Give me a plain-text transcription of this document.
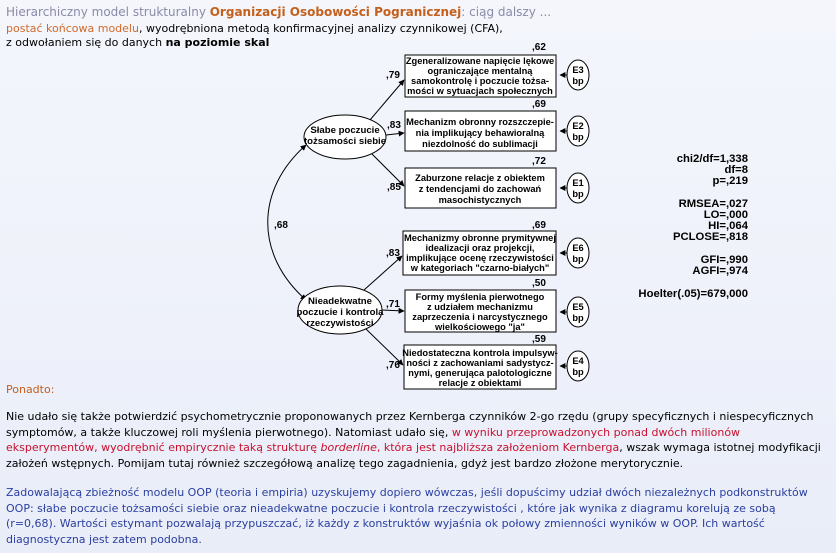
Hierarchiczny model strukturalny Organizacji Osobowości Pogranicznej: ciąg dalszy ...
postać końcowa modelu, wyodrębniona metodą konfirmacyjnej analizy czynnikowej (CFA),
z odwołaniem się do danych na poziomie skal
,68
Słabe poczucie
tożsamości siebie
Nieadekwatne
poczucie i kontrola
rzeczywistości
Zgeneralizowane napięcie lękowe
ograniczające mentalną
samokontrolę i poczucie tożsa-
mości w sytuacjach społecznych
,62
,79	E3
bp
Mechanizm obronny rozszczepie-
nia implikujący behawioralną
niezdolność do sublimacji
,69
,83	E2
bp
Zaburzone relacje z obiektem
z tendencjami do zachowań
masochistycznych
,72
,85	E1
bp
Mechanizmy obronne prymitywnej
idealizacji oraz projekcji,
implikujące ocenę rzeczywistości
w kategoriach "czarno-białych"
,69
,83	E6
bp
Formy myślenia pierwotnego
z udziałem mechanizmu
zaprzeczenia i narcystycznego
wielkościowego "ja"
,50
,71	E5
bp
Niedostateczna kontrola impulsyw-
ności z zachowaniami sadystycz-
nymi, generująca palotologiczne
relacje z obiektami
,59
,76	E4
bp
chi2/df=1,338
df=8
p=,219
RMSEA=,027
LO=,000
HI=,064
PCLOSE=,818
GFI=,990
AGFI=,974
Hoelter(.05)=679,000
Ponadto:
Nie udało się także potwierdzić psychometrycznie proponowanych przez Kernberga czynników 2-go rzędu (grupy specyficznych i niespecyficznych symptomów, a także kluczowej roli myślenia pierwotnego). Natomiast udało się, w wyniku przeprowadzonych ponad dwóch milionów eksperymentów, wyodrębnić empirycznie taką strukturę borderline, która jest najbliższa założeniom Kernberga, wszak wymaga istotnej modyfikacji założeń wstępnych. Pomijam tutaj również szczegółową analizę tego zagadnienia, gdyż jest bardzo złożone merytorycznie.
Zadowalającą zbieżność modelu OOP (teoria i empiria) uzyskujemy dopiero wówczas, jeśli dopuścimy udział dwóch niezależnych podkonstruktów OOP: słabe poczucie tożsamości siebie oraz nieadekwatne poczucie i kontrola rzeczywistości , które jak wynika z diagramu korelują ze sobą (r=0,68). Wartości estymant pozwalają przypuszczać, iż każdy z konstruktów wyjaśnia ok połowy zmienności wyników w OOP. Ich wartość diagnostyczna jest zatem podobna.
